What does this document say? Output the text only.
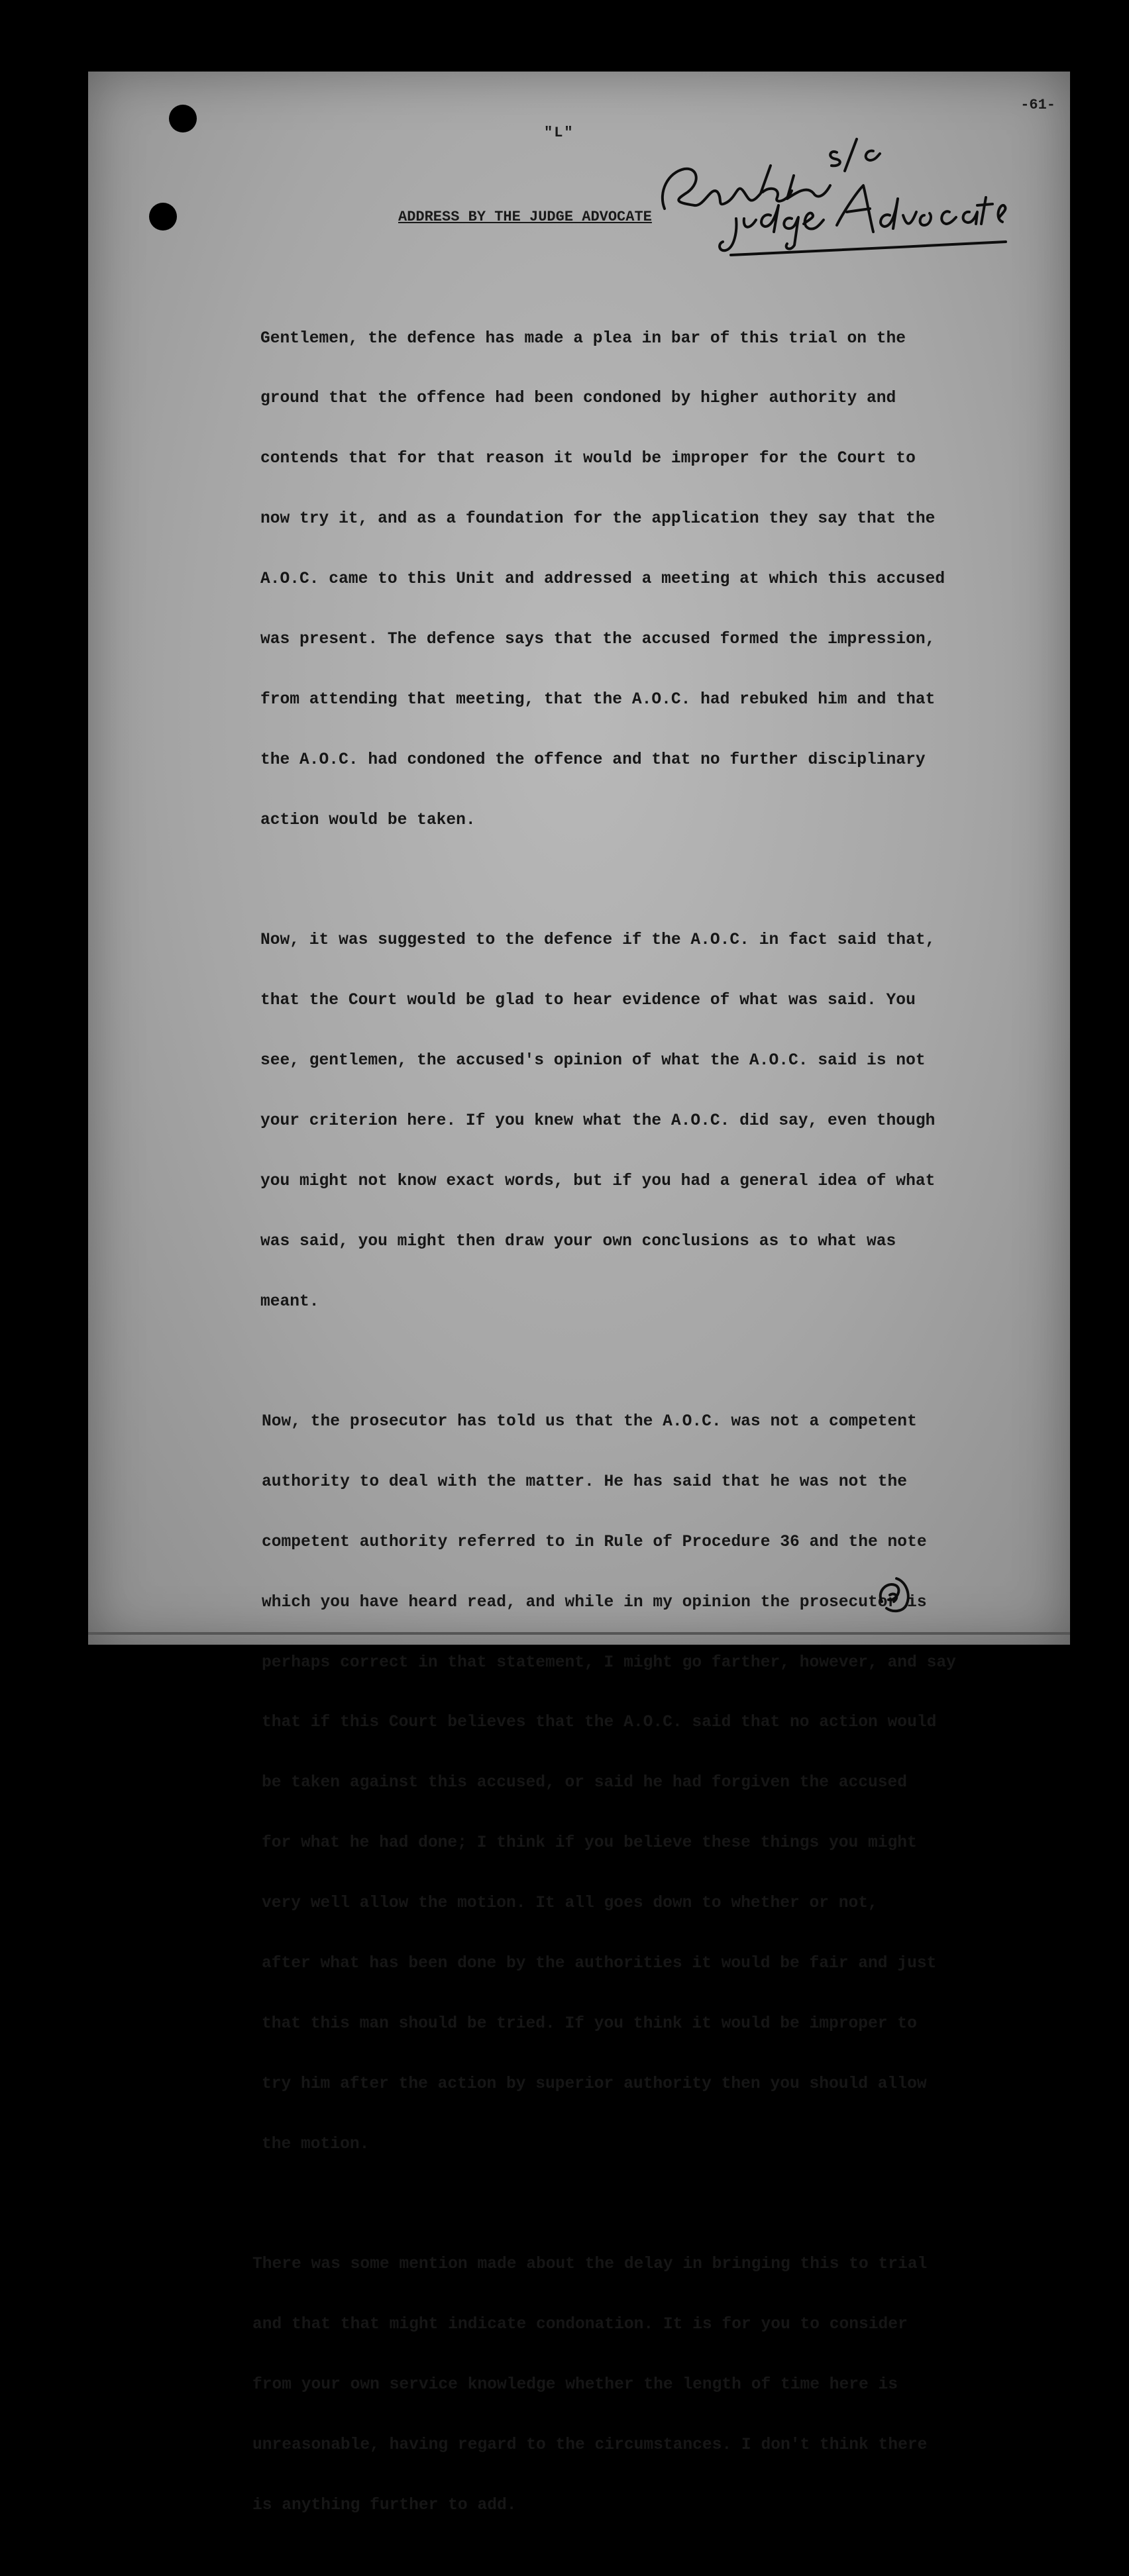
-61-
"L"
ADDRESS BY THE JUDGE ADVOCATE

Gentlemen, the defence has made a plea in bar of this trial on the

ground that the offence had been condoned by higher authority and

contends that for that reason it would be improper for the Court to

now try it, and as a foundation for the application they say that the

A.O.C. came to this Unit and addressed a meeting at which this accused

was present. The defence says that the accused formed the impression,

from attending that meeting, that the A.O.C. had rebuked him and that

the A.O.C. had condoned the offence and that no further disciplinary

action would be taken.

Now, it was suggested to the defence if the A.O.C. in fact said that,

that the Court would be glad to hear evidence of what was said. You

see, gentlemen, the accused's opinion of what the A.O.C. said is not

your criterion here. If you knew what the A.O.C. did say, even though

you might not know exact words, but if you had a general idea of what

was said, you might then draw your own conclusions as to what was

meant.

Now, the prosecutor has told us that the A.O.C. was not a competent

authority to deal with the matter. He has said that he was not the

competent authority referred to in Rule of Procedure 36 and the note

which you have heard read, and while in my opinion the prosecutor is

perhaps correct in that statement, I might go farther, however, and say

that if this Court believes that the A.O.C. said that no action would

be taken against this accused, or said he had forgiven the accused

for what he had done; I think if you believe these things you might

very well allow the motion. It all goes down to whether or not,

after what has been done by the authorities it would be fair and just

that this man should be tried. If you think it would be improper to

try him after the action by superior authority then you should allow

the motion.

There was some mention made about the delay in bringing this to trial

and that that might indicate condonation. It is for you to consider

from your own service knowledge whether the length of time here is

unreasonable, having regard to the circumstances. I don't think there

is anything further to add.
